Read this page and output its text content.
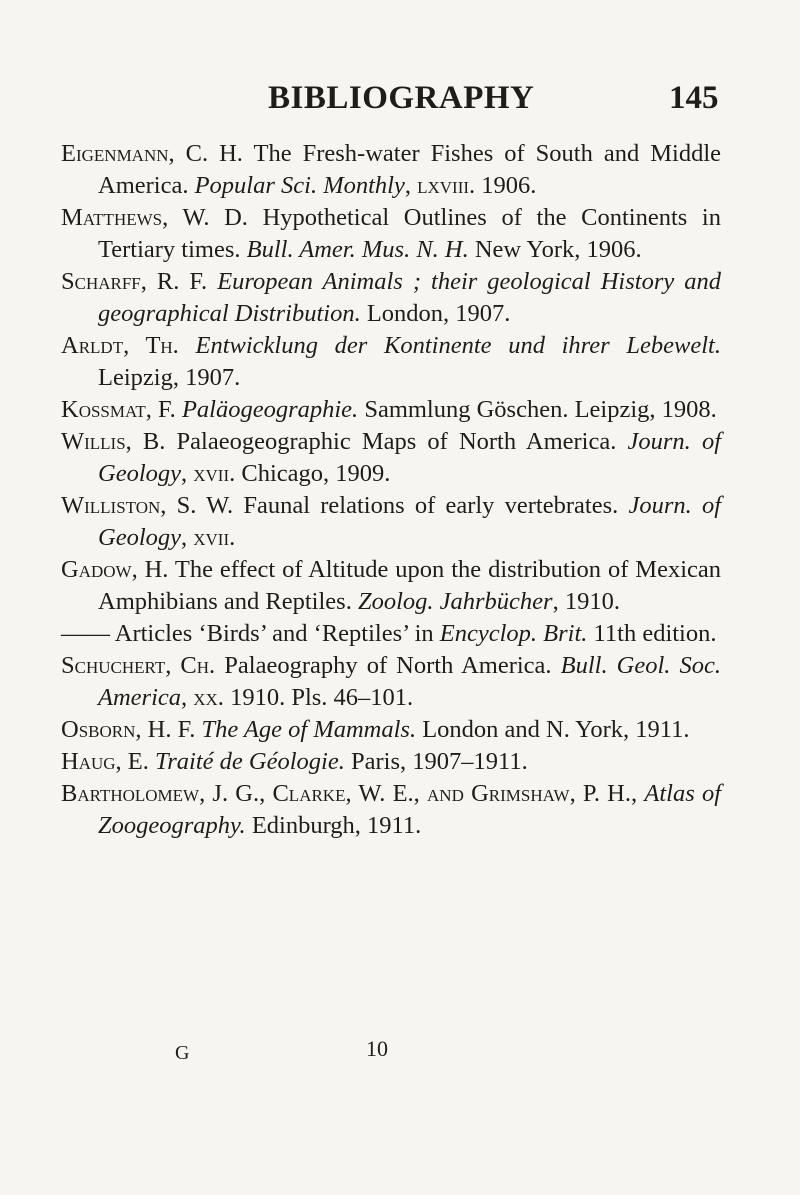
BIBLIOGRAPHY	145

Eigenmann, C. H. The Fresh-water Fishes of South and Middle America. Popular Sci. Monthly, lxviii. 1906.

Matthews, W. D. Hypothetical Outlines of the Continents in Tertiary times. Bull. Amer. Mus. N. H. New York, 1906.

Scharff, R. F. European Animals ; their geological History and geographical Distribution. London, 1907.

Arldt, Th. Entwicklung der Kontinente und ihrer Lebewelt. Leipzig, 1907.

Kossmat, F. Paläogeographie. Sammlung Göschen. Leipzig, 1908.

Willis, B. Palaeogeographic Maps of North America. Journ. of Geology, xvii. Chicago, 1909.

Williston, S. W. Faunal relations of early vertebrates. Journ. of Geology, xvii.

Gadow, H. The effect of Altitude upon the distribution of Mexican Amphibians and Reptiles. Zoolog. Jahrbücher, 1910.

—— Articles ‘Birds’ and ‘Reptiles’ in Encyclop. Brit. 11th edition.

Schuchert, Ch. Palaeography of North America. Bull. Geol. Soc. America, xx. 1910. Pls. 46–101.

Osborn, H. F. The Age of Mammals. London and N. York, 1911.

Haug, E. Traité de Géologie. Paris, 1907–1911.

Bartholomew, J. G., Clarke, W. E., and Grimshaw, P. H., Atlas of Zoogeography. Edinburgh, 1911.

G	10
